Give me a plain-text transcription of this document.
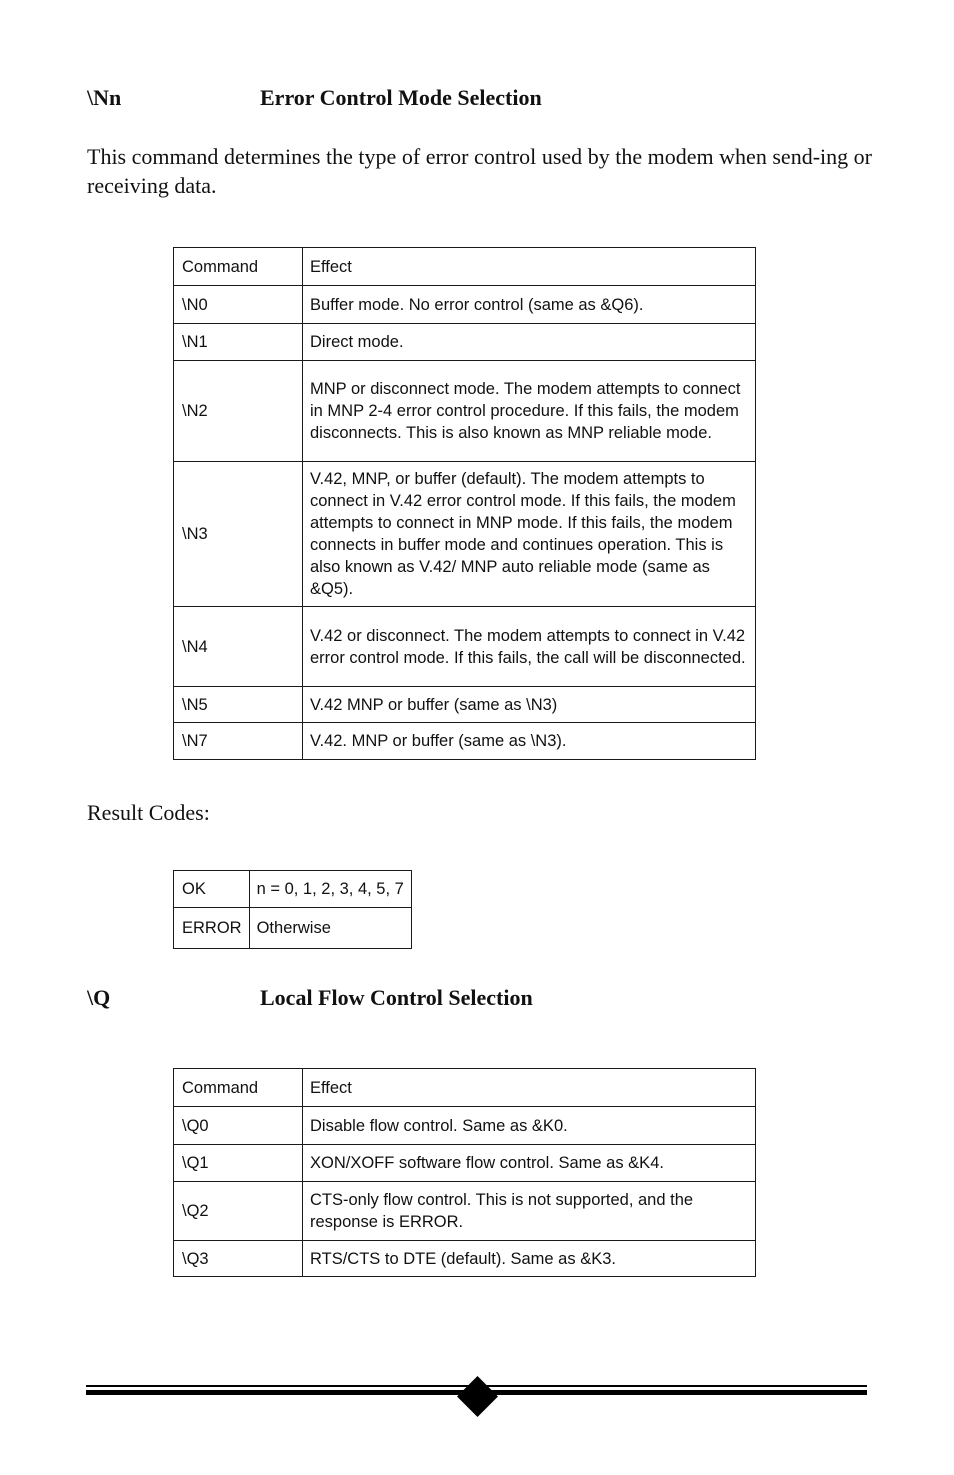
\Nn	Error Control Mode Selection

This command determines the type of error control used by the modem when send-ing or receiving data.

Command	Effect
\N0	Buffer mode. No error control (same as &Q6).
\N1	Direct mode.
\N2	MNP or disconnect mode. The modem attempts to connect in MNP 2-4 error control procedure. If this fails, the modem disconnects. This is also known as MNP reliable mode.
\N3	V.42, MNP, or buffer (default). The modem attempts to connect in V.42 error control mode. If this fails, the modem attempts to connect in MNP mode. If this fails, the modem connects in buffer mode and continues operation. This is also known as V.42/ MNP auto reliable mode (same as &Q5).
\N4	V.42 or disconnect. The modem attempts to connect in V.42 error control mode. If this fails, the call will be disconnected.
\N5	V.42 MNP or buffer (same as \N3)
\N7	V.42. MNP or buffer (same as \N3).
Result Codes:
OK	n = 0, 1, 2, 3, 4, 5, 7
ERROR	Otherwise
\Q	Local Flow Control Selection
Command	Effect
\Q0	Disable flow control. Same as &K0.
\Q1	XON/XOFF software flow control. Same as &K4.
\Q2	CTS-only flow control. This is not supported, and the response is ERROR.
\Q3	RTS/CTS to DTE (default). Same as &K3.
